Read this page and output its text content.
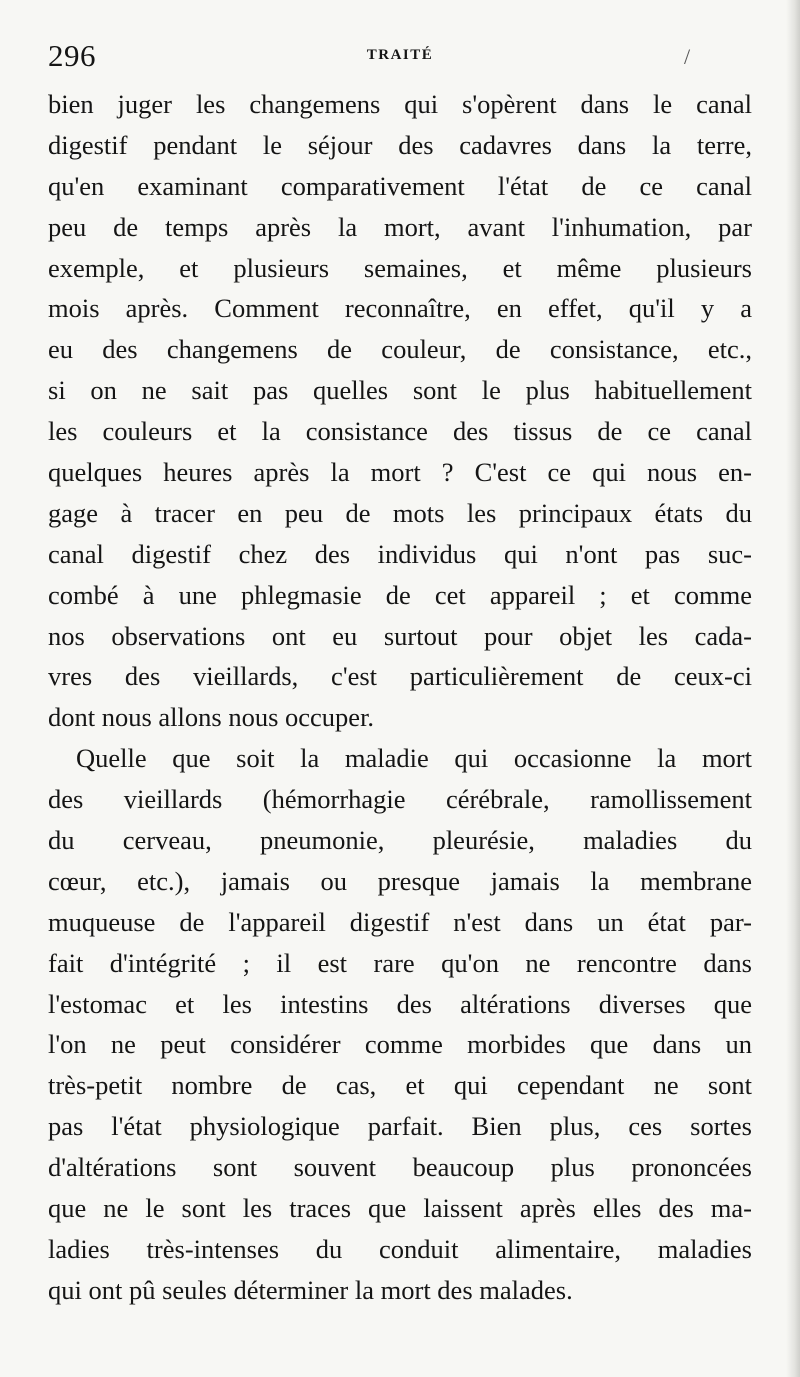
296	TRAITÉ	/
bien juger les changemens qui s'opèrent dans le canal
digestif pendant le séjour des cadavres dans la terre,
qu'en examinant comparativement l'état de ce canal
peu de temps après la mort, avant l'inhumation, par
exemple, et plusieurs semaines, et même plusieurs
mois après. Comment reconnaître, en effet, qu'il y a
eu des changemens de couleur, de consistance, etc.,
si on ne sait pas quelles sont le plus habituellement
les couleurs et la consistance des tissus de ce canal
quelques heures après la mort ? C'est ce qui nous en-
gage à tracer en peu de mots les principaux états du
canal digestif chez des individus qui n'ont pas suc-
combé à une phlegmasie de cet appareil ; et comme
nos observations ont eu surtout pour objet les cada-
vres des vieillards, c'est particulièrement de ceux-ci
dont nous allons nous occuper.
Quelle que soit la maladie qui occasionne la mort
des vieillards (hémorrhagie cérébrale, ramollissement
du cerveau, pneumonie, pleurésie, maladies du
cœur, etc.), jamais ou presque jamais la membrane
muqueuse de l'appareil digestif n'est dans un état par-
fait d'intégrité ; il est rare qu'on ne rencontre dans
l'estomac et les intestins des altérations diverses que
l'on ne peut considérer comme morbides que dans un
très-petit nombre de cas, et qui cependant ne sont
pas l'état physiologique parfait. Bien plus, ces sortes
d'altérations sont souvent beaucoup plus prononcées
que ne le sont les traces que laissent après elles des ma-
ladies très-intenses du conduit alimentaire, maladies
qui ont pû seules déterminer la mort des malades.
